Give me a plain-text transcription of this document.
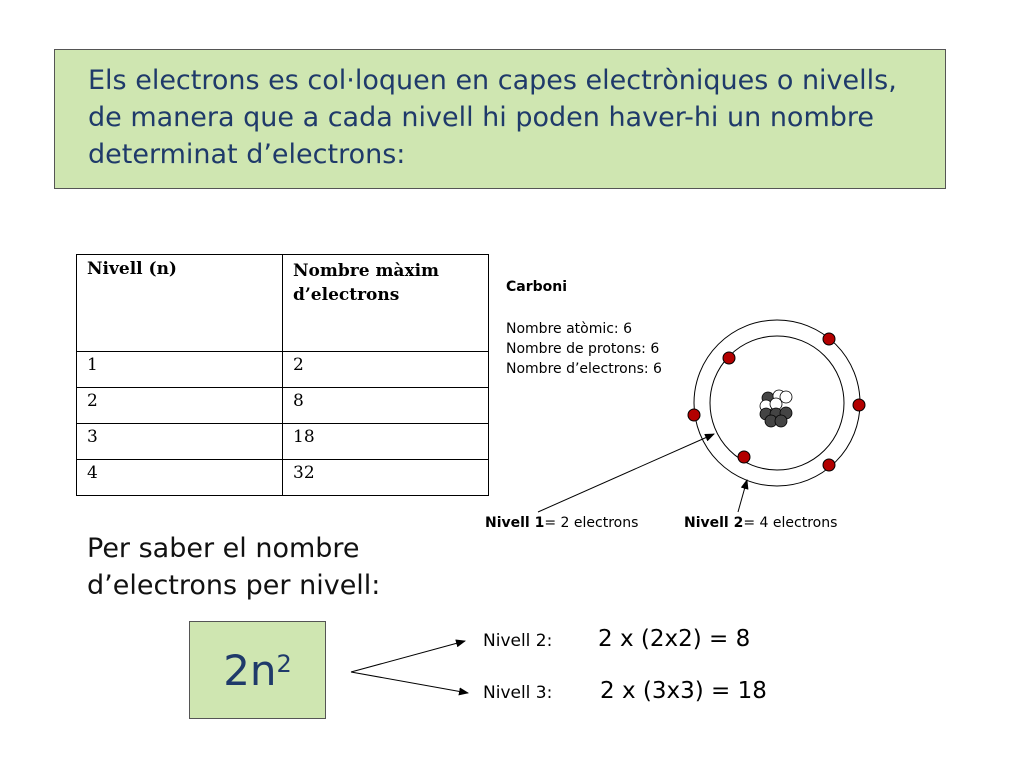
Els electrons es col·loquen en capes electròniques o nivells, de manera que a cada nivell hi poden haver-hi un nombre determinat d’electrons:

Nivell (n)	Nombre màxim d’electrons
1	2
2	8
3	18
4	32
Carboni
Nombre atòmic: 6
Nombre de protons: 6
Nombre d’electrons: 6
Nivell 1= 2 electrons	Nivell 2= 4 electrons
Per saber el nombre d’electrons per nivell:
$2n^2$
Nivell 2: 2 x (2x2) = 8
Nivell 3: 2 x (3x3) = 18
